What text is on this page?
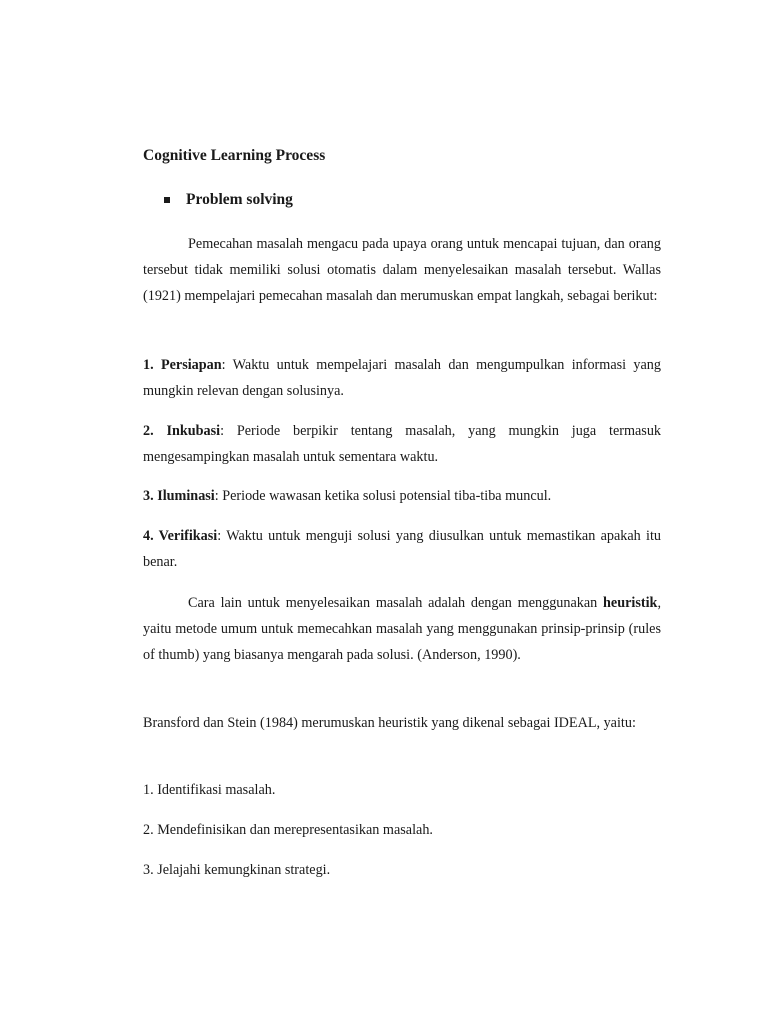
Cognitive Learning Process
Problem solving

Pemecahan masalah mengacu pada upaya orang untuk mencapai tujuan, dan orang tersebut tidak memiliki solusi otomatis dalam menyelesaikan masalah tersebut. Wallas (1921) mempelajari pemecahan masalah dan merumuskan empat langkah, sebagai berikut:

1. Persiapan: Waktu untuk mempelajari masalah dan mengumpulkan informasi yang mungkin relevan dengan solusinya.

2. Inkubasi: Periode berpikir tentang masalah, yang mungkin juga termasuk mengesampingkan masalah untuk sementara waktu.

3. Iluminasi: Periode wawasan ketika solusi potensial tiba-tiba muncul.

4. Verifikasi: Waktu untuk menguji solusi yang diusulkan untuk memastikan apakah itu benar.

Cara lain untuk menyelesaikan masalah adalah dengan menggunakan heuristik, yaitu metode umum untuk memecahkan masalah yang menggunakan prinsip-prinsip (rules of thumb) yang biasanya mengarah pada solusi. (Anderson, 1990).

Bransford dan Stein (1984) merumuskan heuristik yang dikenal sebagai IDEAL, yaitu:

1. Identifikasi masalah.

2. Mendefinisikan dan merepresentasikan masalah.

3. Jelajahi kemungkinan strategi.
